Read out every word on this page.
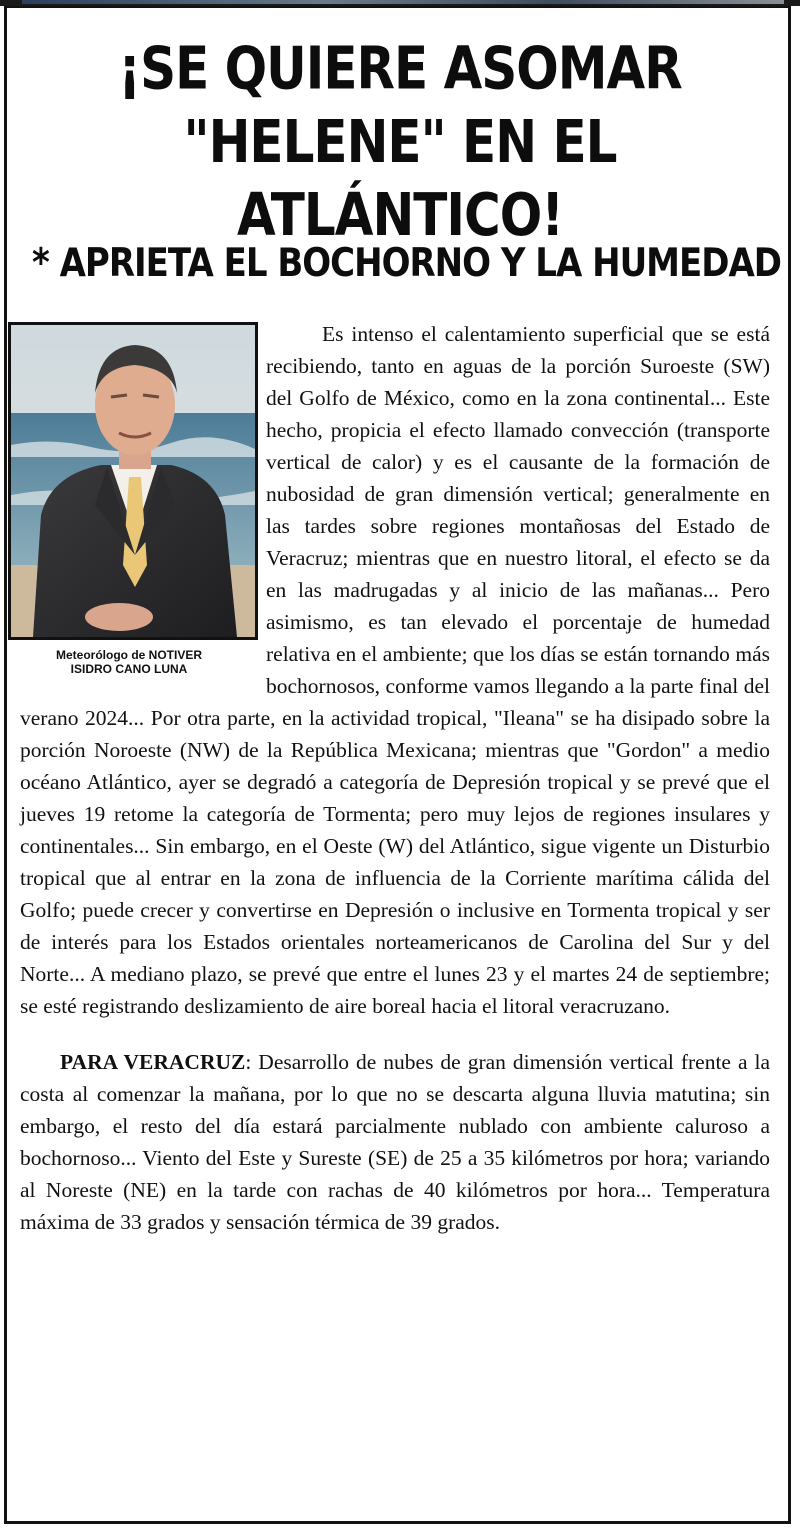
¡SE QUIERE ASOMAR
"HELENE" EN EL ATLÁNTICO!
* APRIETA EL BOCHORNO Y LA HUMEDAD
Meteorólogo de NOTIVER
ISIDRO CANO LUNA

Es intenso el calentamiento superficial que se está recibiendo, tanto en aguas de la porción Suroeste (SW) del Golfo de México, como en la zona continental... Este hecho, propicia el efecto llamado convección (transporte vertical de calor) y es el causante de la formación de nubosidad de gran dimensión vertical; generalmente en las tardes sobre regiones montañosas del Estado de Veracruz; mientras que en nuestro litoral, el efecto se da en las madrugadas y al inicio de las mañanas... Pero asimismo, es tan elevado el porcentaje de humedad relativa en el ambiente; que los días se están tornando más bochornosos, conforme vamos llegando a la parte final del verano 2024... Por otra parte, en la actividad tropical, "Ileana" se ha disipado sobre la porción Noroeste (NW) de la República Mexicana; mientras que "Gordon" a medio océano Atlántico, ayer se degradó a categoría de Depresión tropical y se prevé que el jueves 19 retome la categoría de Tormenta; pero muy lejos de regiones insulares y continentales... Sin embargo, en el Oeste (W) del Atlántico, sigue vigente un Disturbio tropical que al entrar en la zona de influencia de la Corriente marítima cálida del Golfo; puede crecer y convertirse en Depresión o inclusive en Tormenta tropical y ser de interés para los Estados orientales norteamericanos de Carolina del Sur y del Norte... A mediano plazo, se prevé que entre el lunes 23 y el martes 24 de septiembre; se esté registrando deslizamiento de aire boreal hacia el litoral veracruzano.

PARA VERACRUZ: Desarrollo de nubes de gran dimensión vertical frente a la costa al comenzar la mañana, por lo que no se descarta alguna lluvia matutina; sin embargo, el resto del día estará parcialmente nublado con ambiente caluroso a bochornoso... Viento del Este y Sureste (SE) de 25 a 35 kilómetros por hora; variando al Noreste (NE) en la tarde con rachas de 40 kilómetros por hora... Temperatura máxima de 33 grados y sensación térmica de 39 grados.
